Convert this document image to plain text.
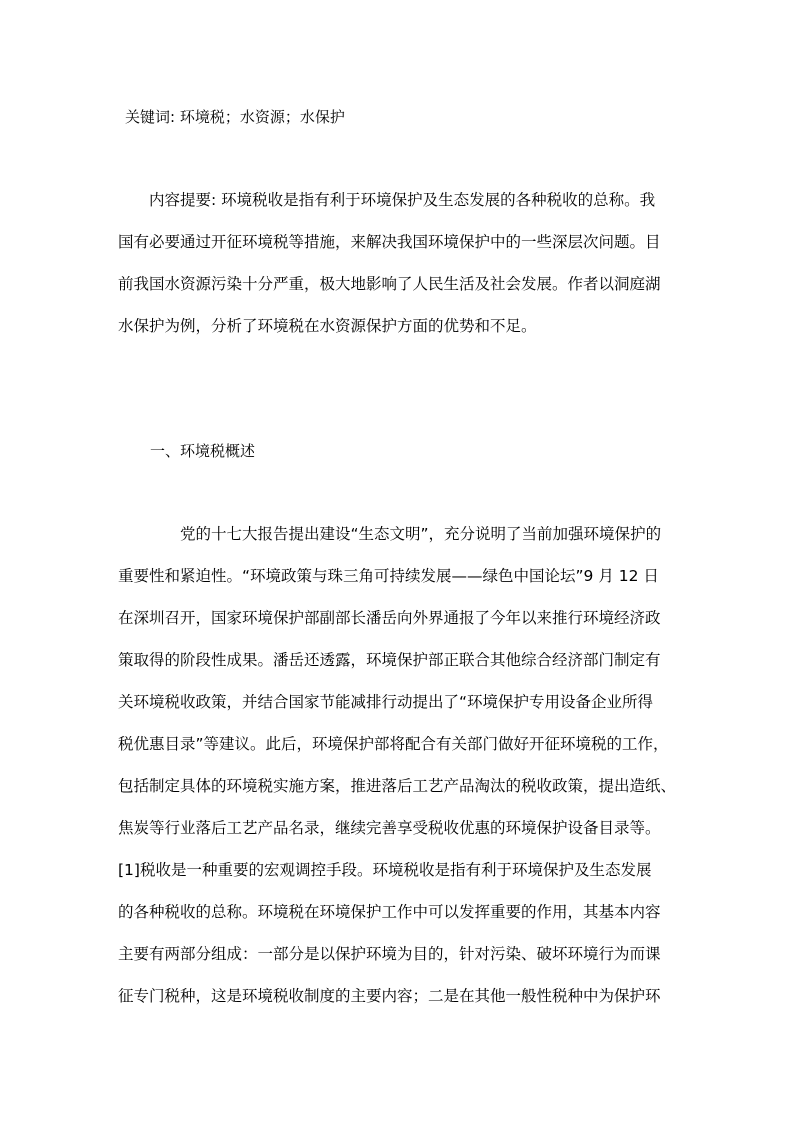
关键词: 环境税；水资源；水保护
　　内容提要: 环境税收是指有利于环境保护及生态发展的各种税收的总称。我
国有必要通过开征环境税等措施，来解决我国环境保护中的一些深层次问题。目
前我国水资源污染十分严重，极大地影响了人民生活及社会发展。作者以洞庭湖
水保护为例，分析了环境税在水资源保护方面的优势和不足。
一、环境税概述
　　　　党的十七大报告提出建设“生态文明”，充分说明了当前加强环境保护的
重要性和紧迫性。“环境政策与珠三角可持续发展——绿色中国论坛”9 月 12 日
在深圳召开，国家环境保护部副部长潘岳向外界通报了今年以来推行环境经济政
策取得的阶段性成果。潘岳还透露，环境保护部正联合其他综合经济部门制定有
关环境税收政策，并结合国家节能减排行动提出了“环境保护专用设备企业所得
税优惠目录”等建议。此后，环境保护部将配合有关部门做好开征环境税的工作，
包括制定具体的环境税实施方案，推进落后工艺产品淘汰的税收政策，提出造纸、
焦炭等行业落后工艺产品名录，继续完善享受税收优惠的环境保护设备目录等。
[1]税收是一种重要的宏观调控手段。环境税收是指有利于环境保护及生态发展
的各种税收的总称。环境税在环境保护工作中可以发挥重要的作用，其基本内容
主要有两部分组成：一部分是以保护环境为目的，针对污染、破坏环境行为而课
征专门税种，这是环境税收制度的主要内容；二是在其他一般性税种中为保护环
